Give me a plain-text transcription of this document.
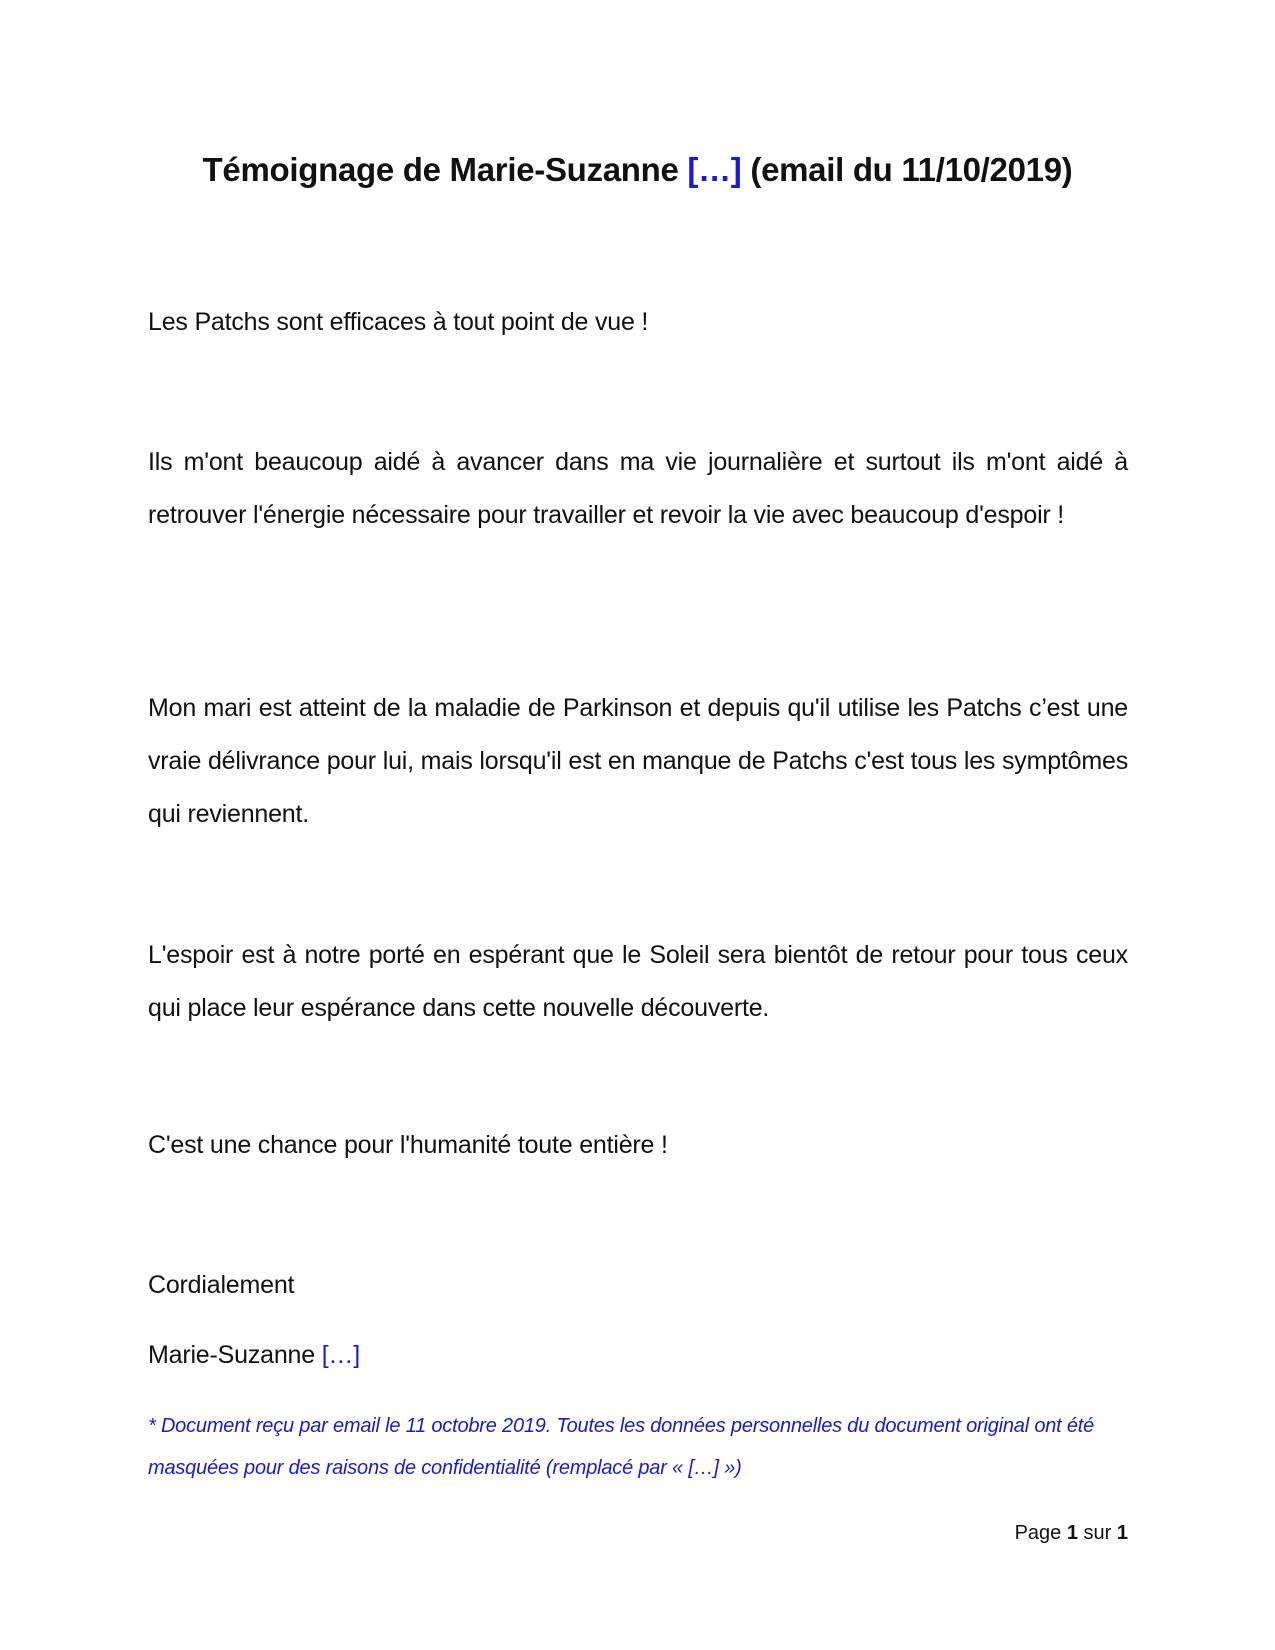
Témoignage de Marie-Suzanne […] (email du 11/10/2019)

Les Patchs sont efficaces à tout point de vue !

Ils m'ont beaucoup aidé à avancer dans ma vie journalière et surtout ils m'ont aidé à retrouver l'énergie nécessaire pour travailler et revoir la vie avec beaucoup d'espoir !

Mon mari est atteint de la maladie de Parkinson et depuis qu'il utilise les Patchs c’est une vraie délivrance pour lui, mais lorsqu'il est en manque de Patchs c'est tous les symptômes qui reviennent.

L'espoir est à notre porté en espérant que le Soleil sera bientôt de retour pour tous ceux qui place leur espérance dans cette nouvelle découverte.

C'est une chance pour l'humanité toute entière !

Cordialement

Marie-Suzanne […]

* Document reçu par email le 11 octobre 2019. Toutes les données personnelles du document original ont été masquées pour des raisons de confidentialité (remplacé par « […] »)

Page 1 sur 1
